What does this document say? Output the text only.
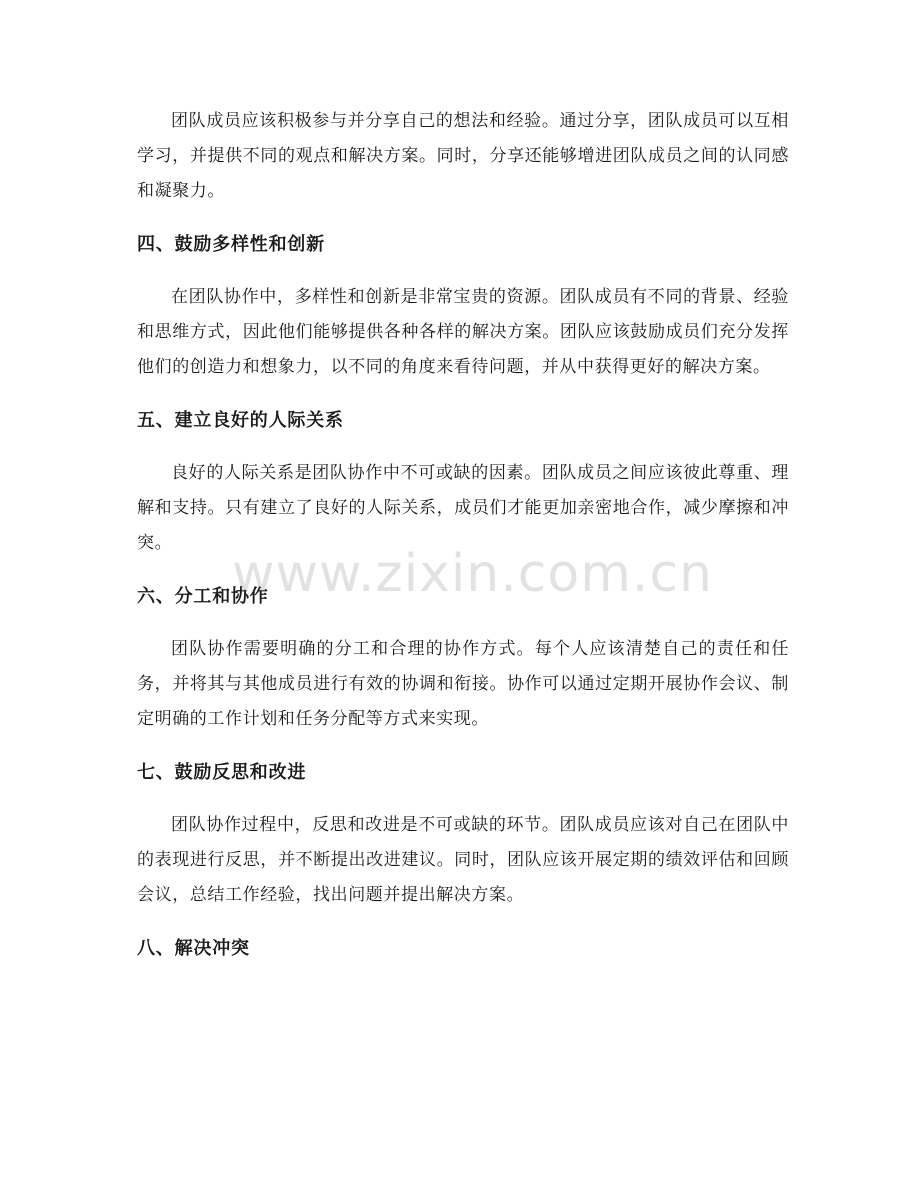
团队成员应该积极参与并分享自己的想法和经验。通过分享，团队成员可以互相学习，并提供不同的观点和解决方案。同时，分享还能够增进团队成员之间的认同感和凝聚力。

四、鼓励多样性和创新

在团队协作中，多样性和创新是非常宝贵的资源。团队成员有不同的背景、经验和思维方式，因此他们能够提供各种各样的解决方案。团队应该鼓励成员们充分发挥他们的创造力和想象力，以不同的角度来看待问题，并从中获得更好的解决方案。

五、建立良好的人际关系

良好的人际关系是团队协作中不可或缺的因素。团队成员之间应该彼此尊重、理解和支持。只有建立了良好的人际关系，成员们才能更加亲密地合作，减少摩擦和冲突。

六、分工和协作

团队协作需要明确的分工和合理的协作方式。每个人应该清楚自己的责任和任务，并将其与其他成员进行有效的协调和衔接。协作可以通过定期开展协作会议、制定明确的工作计划和任务分配等方式来实现。

七、鼓励反思和改进

团队协作过程中，反思和改进是不可或缺的环节。团队成员应该对自己在团队中的表现进行反思，并不断提出改进建议。同时，团队应该开展定期的绩效评估和回顾会议，总结工作经验，找出问题并提出解决方案。

八、解决冲突
www.zixin.com.cn
